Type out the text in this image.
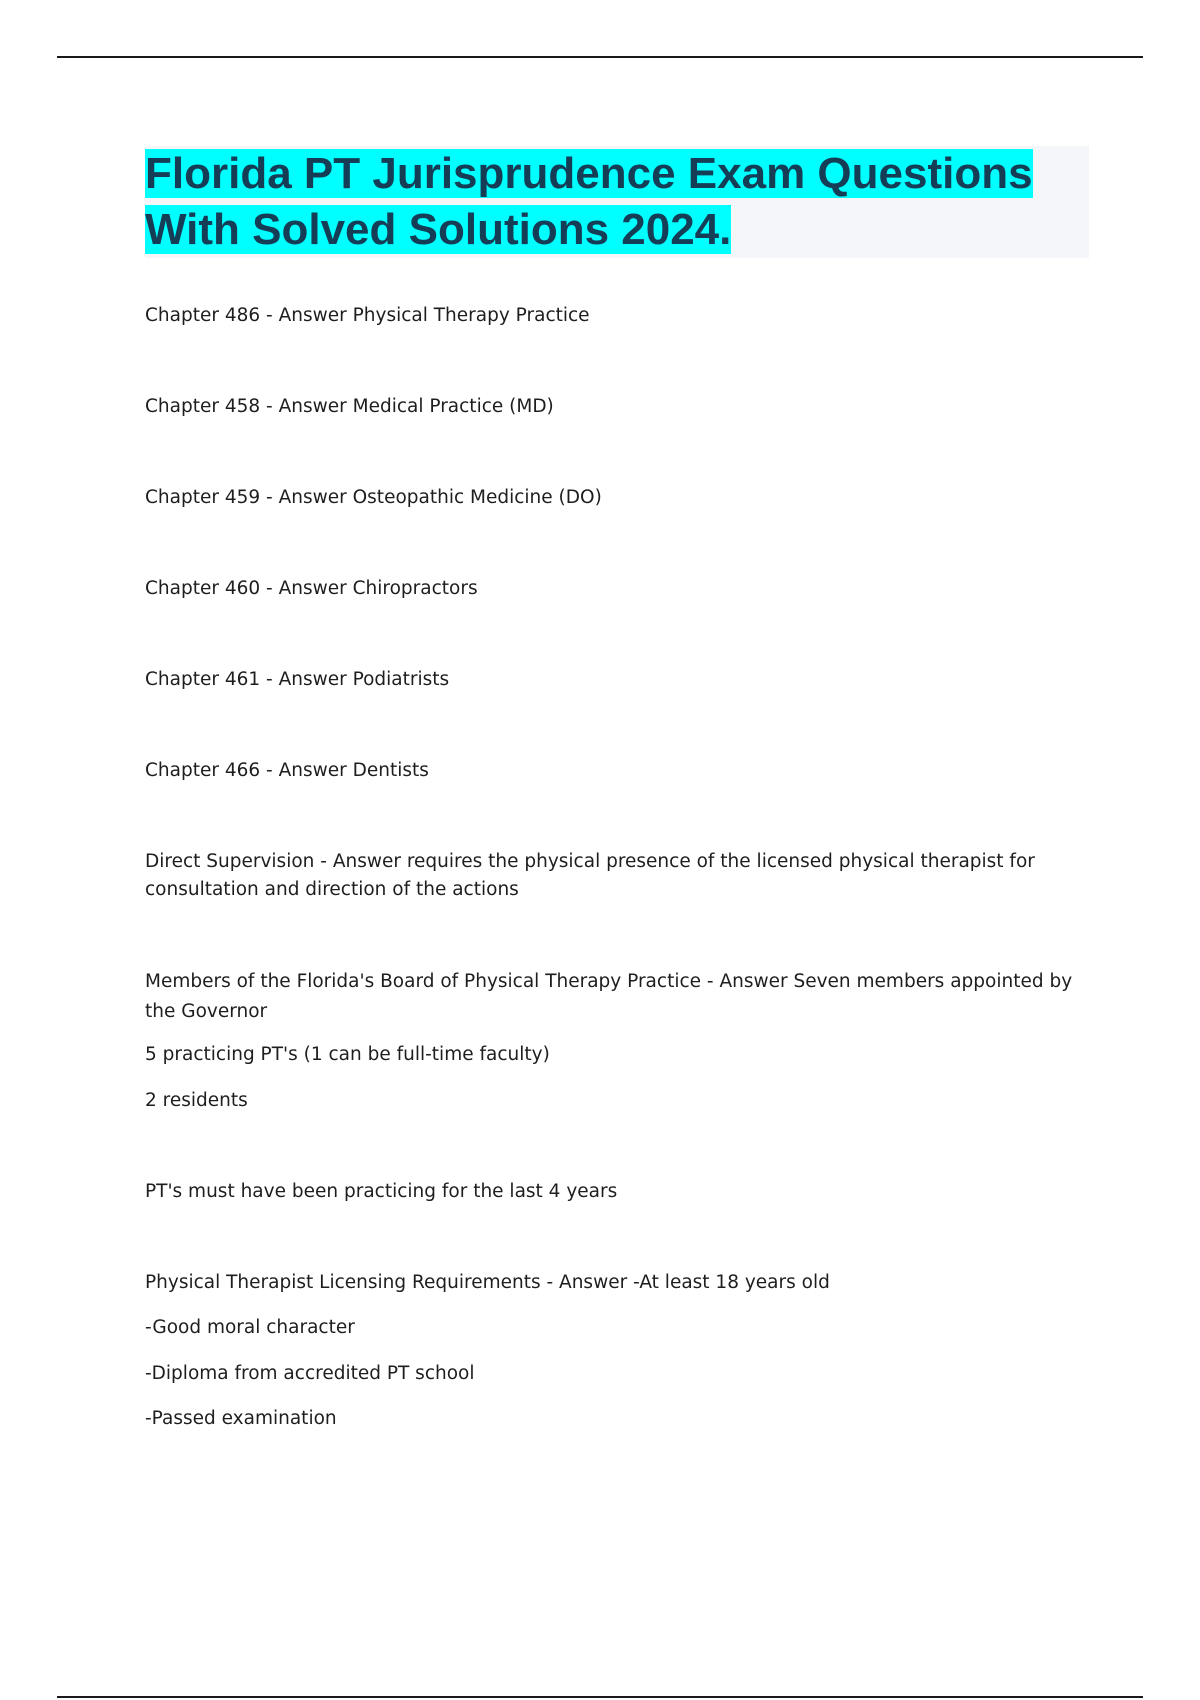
Florida PT Jurisprudence Exam Questions With Solved Solutions 2024.

Chapter 486 - Answer Physical Therapy Practice

Chapter 458 - Answer Medical Practice (MD)

Chapter 459 - Answer Osteopathic Medicine (DO)

Chapter 460 - Answer Chiropractors

Chapter 461 - Answer Podiatrists

Chapter 466 - Answer Dentists

Direct Supervision - Answer requires the physical presence of the licensed physical therapist for consultation and direction of the actions

Members of the Florida's Board of Physical Therapy Practice - Answer Seven members appointed by the Governor

5 practicing PT's (1 can be full-time faculty)

2 residents

PT's must have been practicing for the last 4 years

Physical Therapist Licensing Requirements - Answer -At least 18 years old

-Good moral character

-Diploma from accredited PT school

-Passed examination
